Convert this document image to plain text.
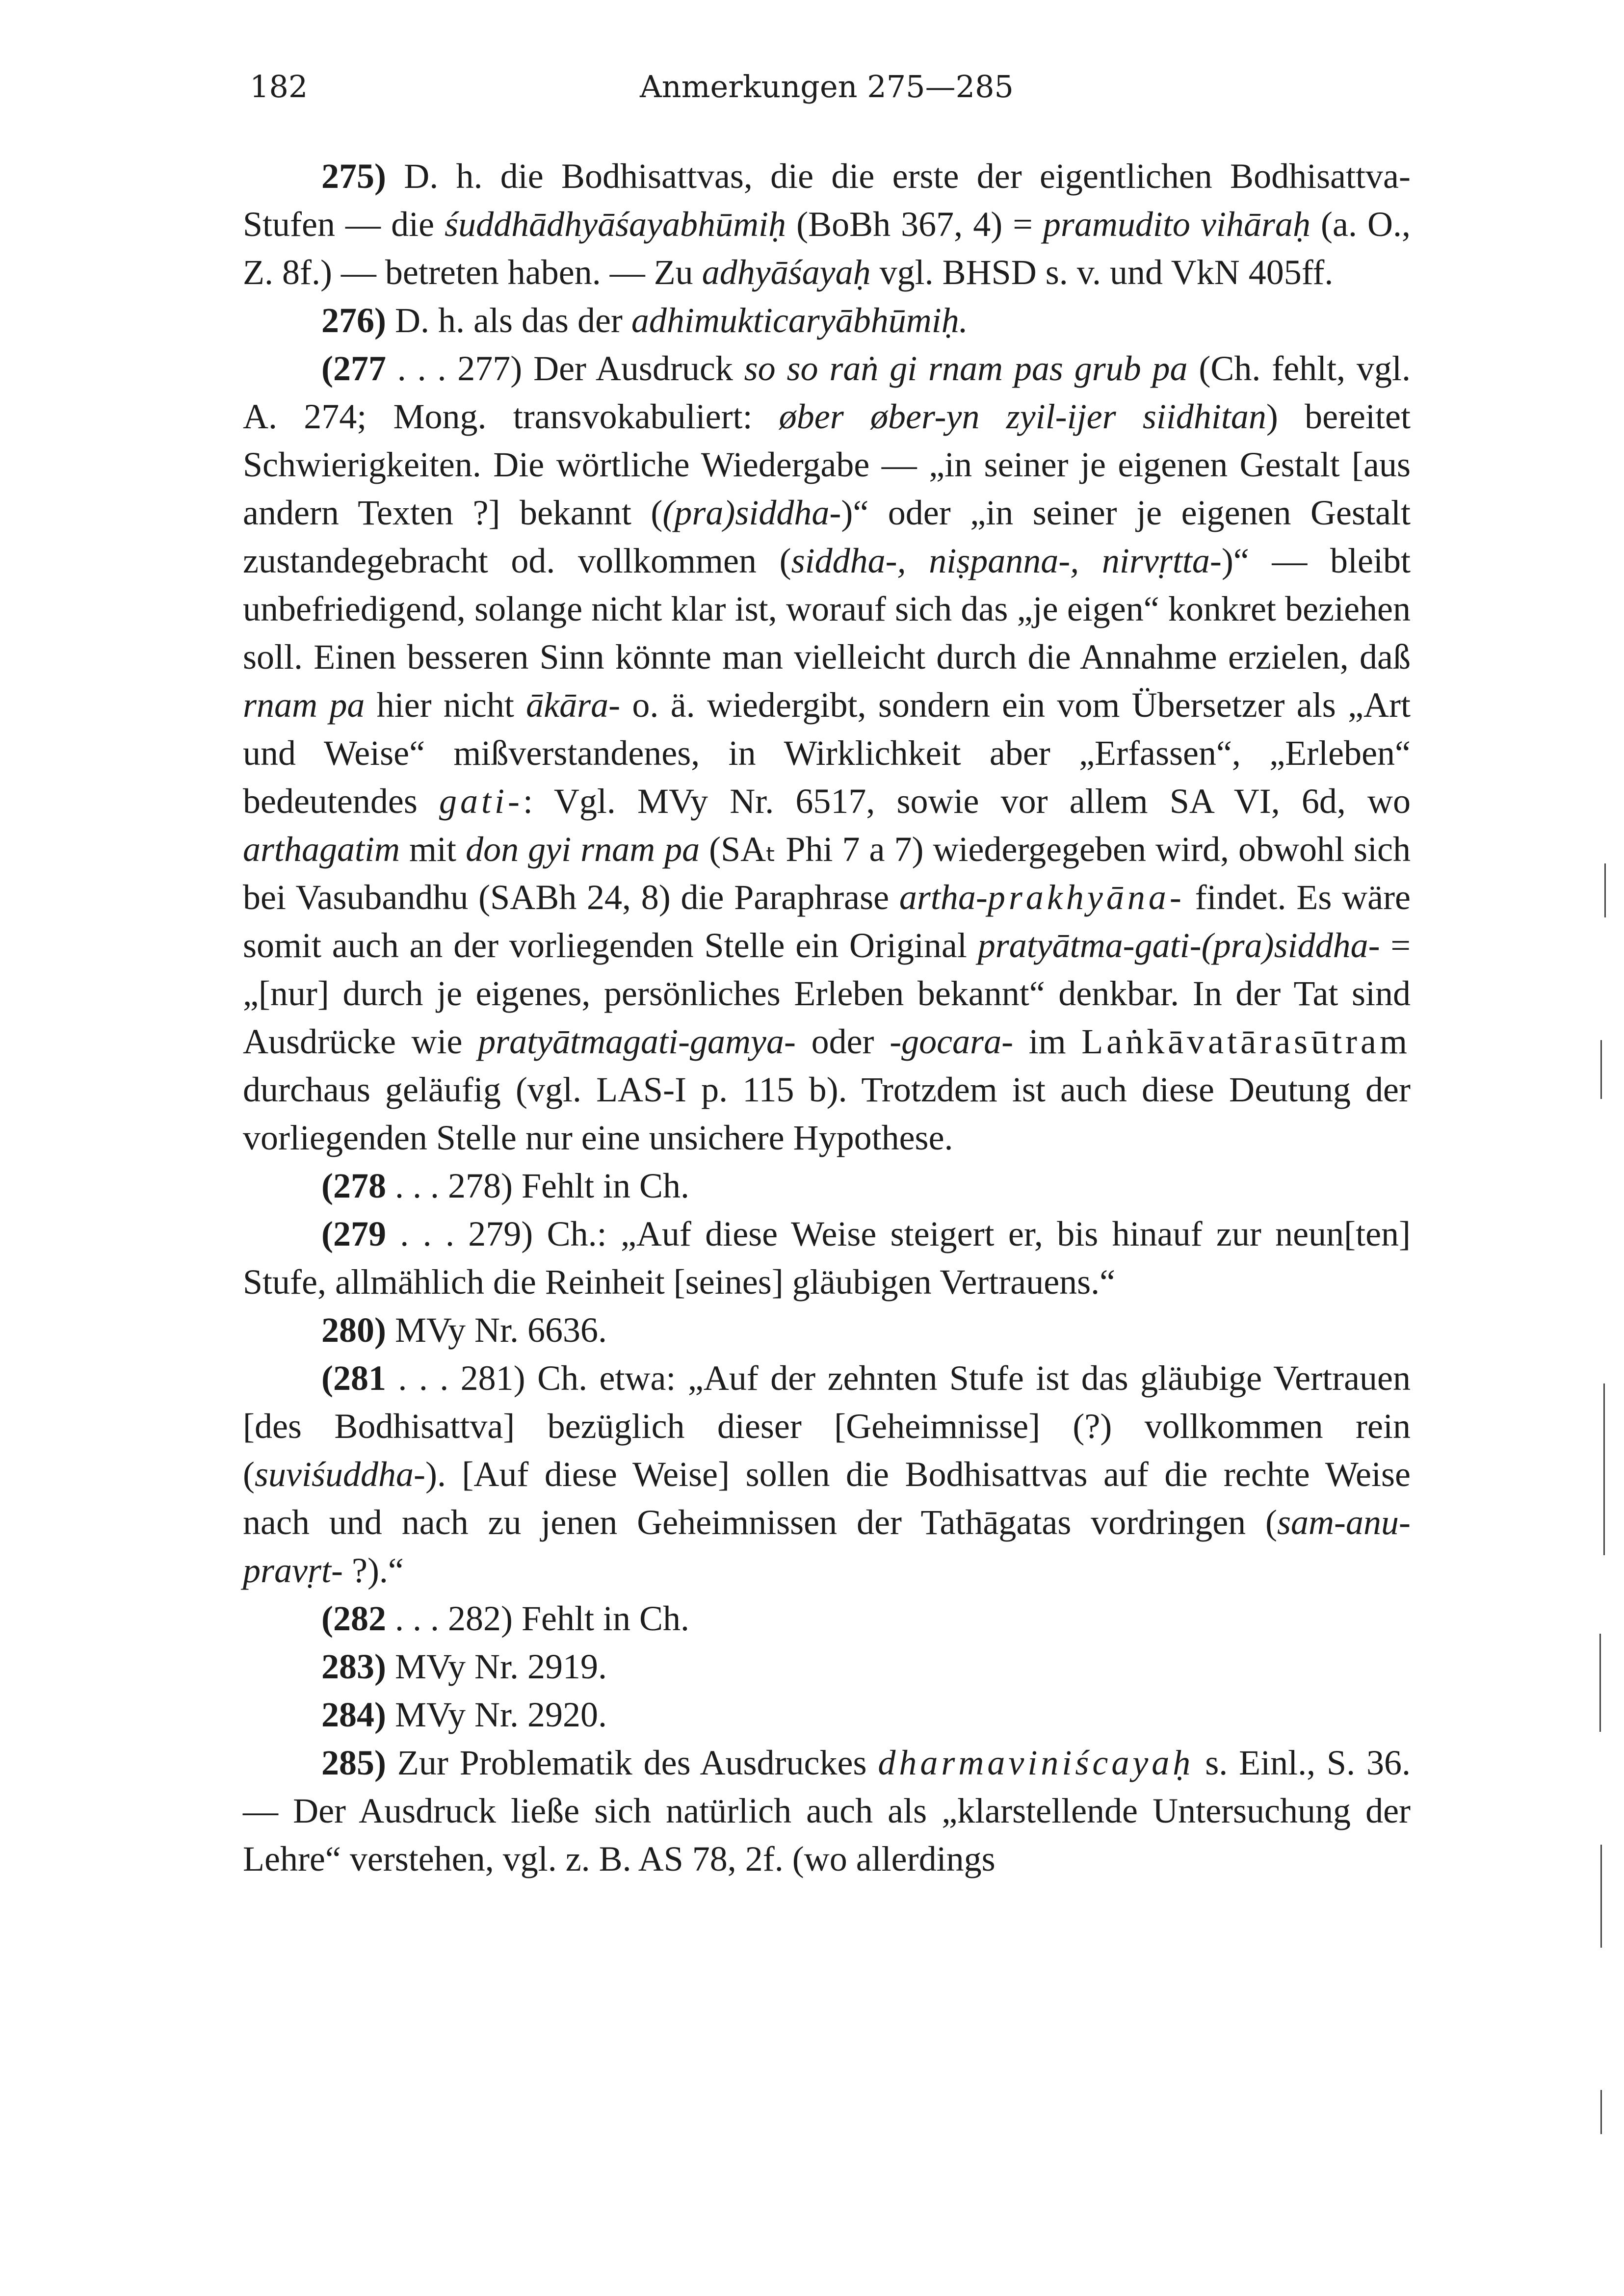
182	Anmerkungen 275—285

275) D. h. die Bodhisattvas, die die erste der eigentlichen Bodhisattva-Stufen — die śuddhādhyāśayabhūmiḥ (BoBh 367, 4) = pramudito vihāraḥ (a. O., Z. 8f.) — betreten haben. — Zu adhyāśayaḥ vgl. BHSD s. v. und VkN 405ff.

276) D. h. als das der adhimukticaryābhūmiḥ.

(277 . . . 277) Der Ausdruck so so raṅ gi rnam pas grub pa (Ch. fehlt, vgl. A. 274; Mong. transvokabuliert: øber øber-yn zyil-ijer siidhitan) bereitet Schwierigkeiten. Die wörtliche Wiedergabe — „in seiner je eigenen Gestalt [aus andern Texten ?] bekannt ((pra)siddha-)“ oder „in seiner je eigenen Gestalt zustandegebracht od. vollkommen (siddha-, niṣpanna-, nirvṛtta-)“ — bleibt unbefriedigend, solange nicht klar ist, worauf sich das „je eigen“ konkret beziehen soll. Einen besseren Sinn könnte man vielleicht durch die Annahme erzielen, daß rnam pa hier nicht ākāra- o. ä. wiedergibt, sondern ein vom Übersetzer als „Art und Weise“ mißverstandenes, in Wirklichkeit aber „Erfassen“, „Erleben“ bedeutendes gati-: Vgl. MVy Nr. 6517, sowie vor allem SA VI, 6d, wo arthagatim mit don gyi rnam pa (SAₜ Phi 7 a 7) wiedergegeben wird, obwohl sich bei Vasubandhu (SABh 24, 8) die Paraphrase artha-prakhyāna- findet. Es wäre somit auch an der vorliegenden Stelle ein Original pratyātma-gati-(pra)siddha- = „[nur] durch je eigenes, persönliches Erleben bekannt“ denkbar. In der Tat sind Ausdrücke wie pratyātmagati-gamya- oder -gocara- im Laṅkāvatārasūtram durchaus geläufig (vgl. LAS-I p. 115 b). Trotzdem ist auch diese Deutung der vorliegenden Stelle nur eine unsichere Hypothese.

(278 . . . 278) Fehlt in Ch.

(279 . . . 279) Ch.: „Auf diese Weise steigert er, bis hinauf zur neun[ten] Stufe, allmählich die Reinheit [seines] gläubigen Vertrauens.“

280) MVy Nr. 6636.

(281 . . . 281) Ch. etwa: „Auf der zehnten Stufe ist das gläubige Vertrauen [des Bodhisattva] bezüglich dieser [Geheimnisse] (?) vollkommen rein (suviśuddha-). [Auf diese Weise] sollen die Bodhisattvas auf die rechte Weise nach und nach zu jenen Geheimnissen der Tathāgatas vordringen (sam-anu-pravṛt- ?).“

(282 . . . 282) Fehlt in Ch.

283) MVy Nr. 2919.

284) MVy Nr. 2920.

285) Zur Problematik des Ausdruckes dharmaviniścayaḥ s. Einl., S. 36. — Der Ausdruck ließe sich natürlich auch als „klarstellende Untersuchung der Lehre“ verstehen, vgl. z. B. AS 78, 2f. (wo allerdings
